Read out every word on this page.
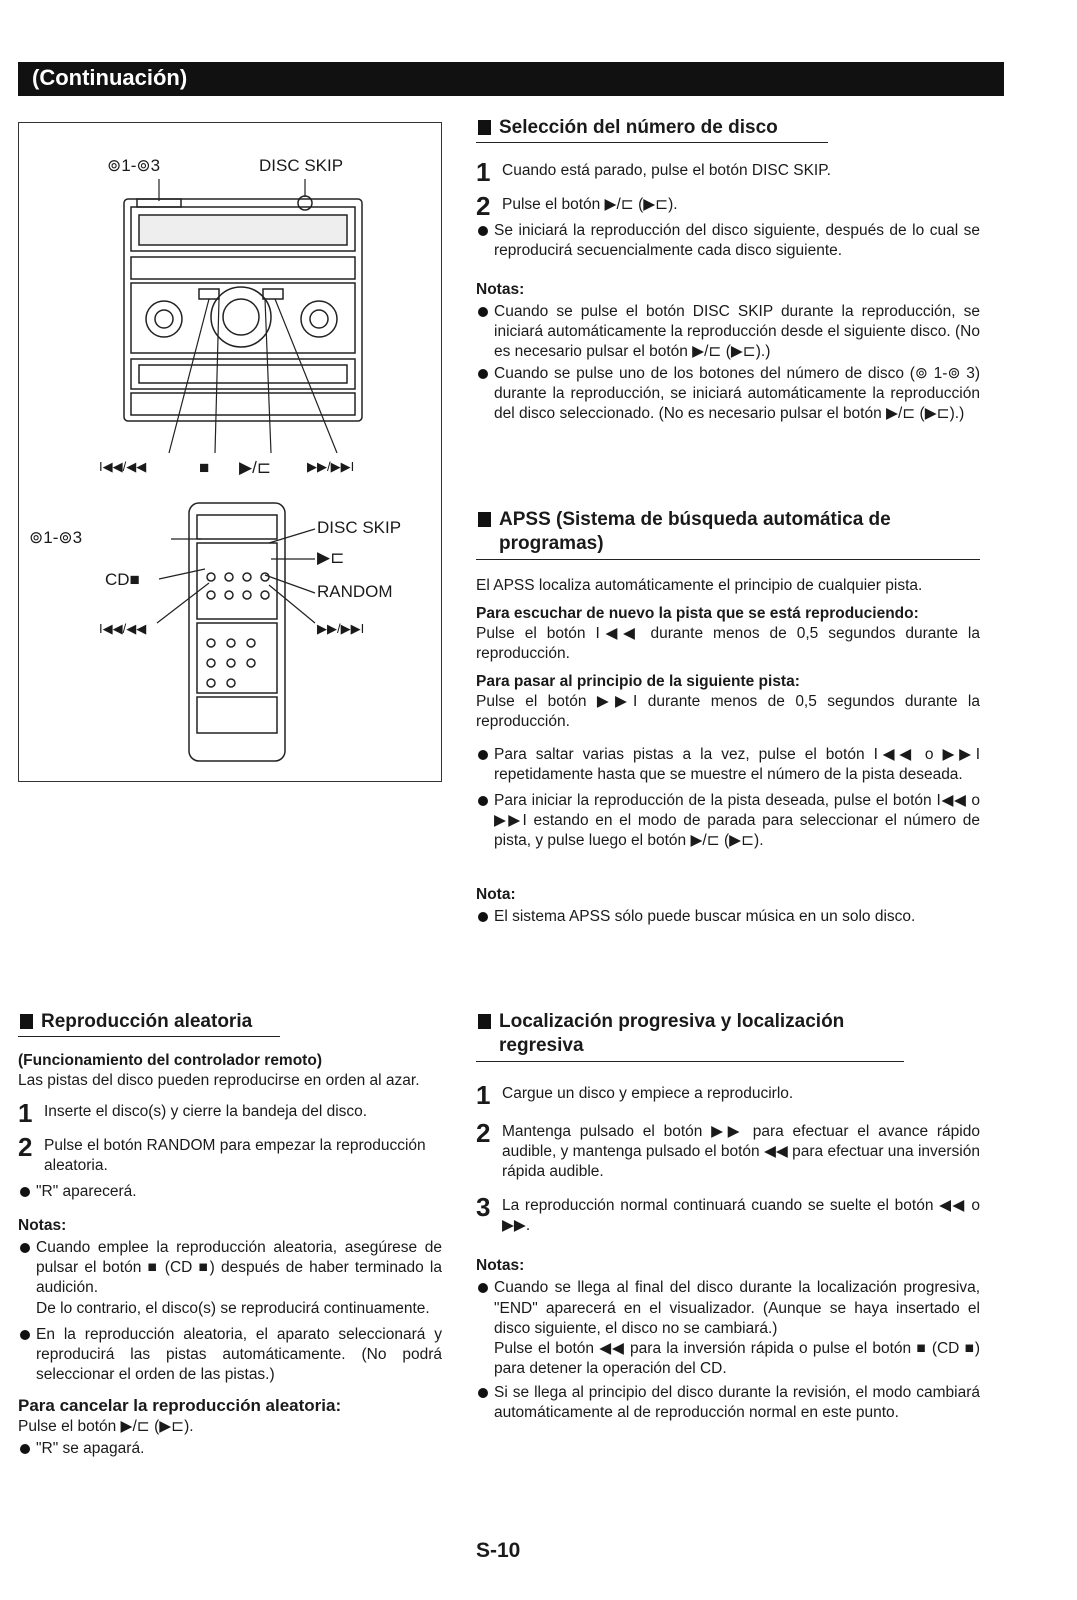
(Continuación)
⊚1-⊚3	DISC SKIP
I◀◀/◀◀	■ ▶/⊏	▶▶/▶▶I
⊚1-⊚3
CD■
I◀◀/◀◀
DISC SKIP
▶⊏
RANDOM
▶▶/▶▶I
Selección del número de disco
1 Cuando está parado, pulse el botón DISC SKIP.
2 Pulse el botón ▶/⊏ (▶⊏).
Se iniciará la reproducción del disco siguiente, después de lo cual se reproducirá secuencialmente cada disco siguiente.
Notas:
Cuando se pulse el botón DISC SKIP durante la reproducción, se iniciará automáticamente la reproducción desde el siguiente disco. (No es necesario pulsar el botón ▶/⊏ (▶⊏).)
Cuando se pulse uno de los botones del número de disco (⊚ 1-⊚ 3) durante la reproducción, se iniciará automáticamente la reproducción del disco seleccionado. (No es necesario pulsar el botón ▶/⊏ (▶⊏).)
APSS (Sistema de búsqueda automática de programas)
El APSS localiza automáticamente el principio de cualquier pista.
Para escuchar de nuevo la pista que se está reproduciendo:
Pulse el botón I◀◀ durante menos de 0,5 segundos durante la reproducción.
Para pasar al principio de la siguiente pista:
Pulse el botón ▶▶I durante menos de 0,5 segundos durante la reproducción.
Para saltar varias pistas a la vez, pulse el botón I◀◀ o ▶▶I repetidamente hasta que se muestre el número de la pista deseada.
Para iniciar la reproducción de la pista deseada, pulse el botón I◀◀ o ▶▶I estando en el modo de parada para seleccionar el número de pista, y pulse luego el botón ▶/⊏ (▶⊏).
Nota:
El sistema APSS sólo puede buscar música en un solo disco.
Reproducción aleatoria
(Funcionamiento del controlador remoto)
Las pistas del disco pueden reproducirse en orden al azar.
1 Inserte el disco(s) y cierre la bandeja del disco.
2 Pulse el botón RANDOM para empezar la reproducción aleatoria.
"R" aparecerá.
Notas:
Cuando emplee la reproducción aleatoria, asegúrese de pulsar el botón ■ (CD ■) después de haber terminado la audición.
De lo contrario, el disco(s) se reproducirá continuamente.
En la reproducción aleatoria, el aparato seleccionará y reproducirá las pistas automáticamente. (No podrá seleccionar el orden de las pistas.)
Para cancelar la reproducción aleatoria:
Pulse el botón ▶/⊏ (▶⊏).
"R" se apagará.
Localización progresiva y localización regresiva
1 Cargue un disco y empiece a reproducirlo.
2 Mantenga pulsado el botón ▶▶ para efectuar el avance rápido audible, y mantenga pulsado el botón ◀◀ para efectuar una inversión rápida audible.
3 La reproducción normal continuará cuando se suelte el botón ◀◀ o ▶▶.
Notas:
Cuando se llega al final del disco durante la localización progresiva, "END" aparecerá en el visualizador. (Aunque se haya insertado el disco siguiente, el disco no se cambiará.)
Pulse el botón ◀◀ para la inversión rápida o pulse el botón ■ (CD ■) para detener la operación del CD.
Si se llega al principio del disco durante la revisión, el modo cambiará automáticamente al de reproducción normal en este punto.
S-10
